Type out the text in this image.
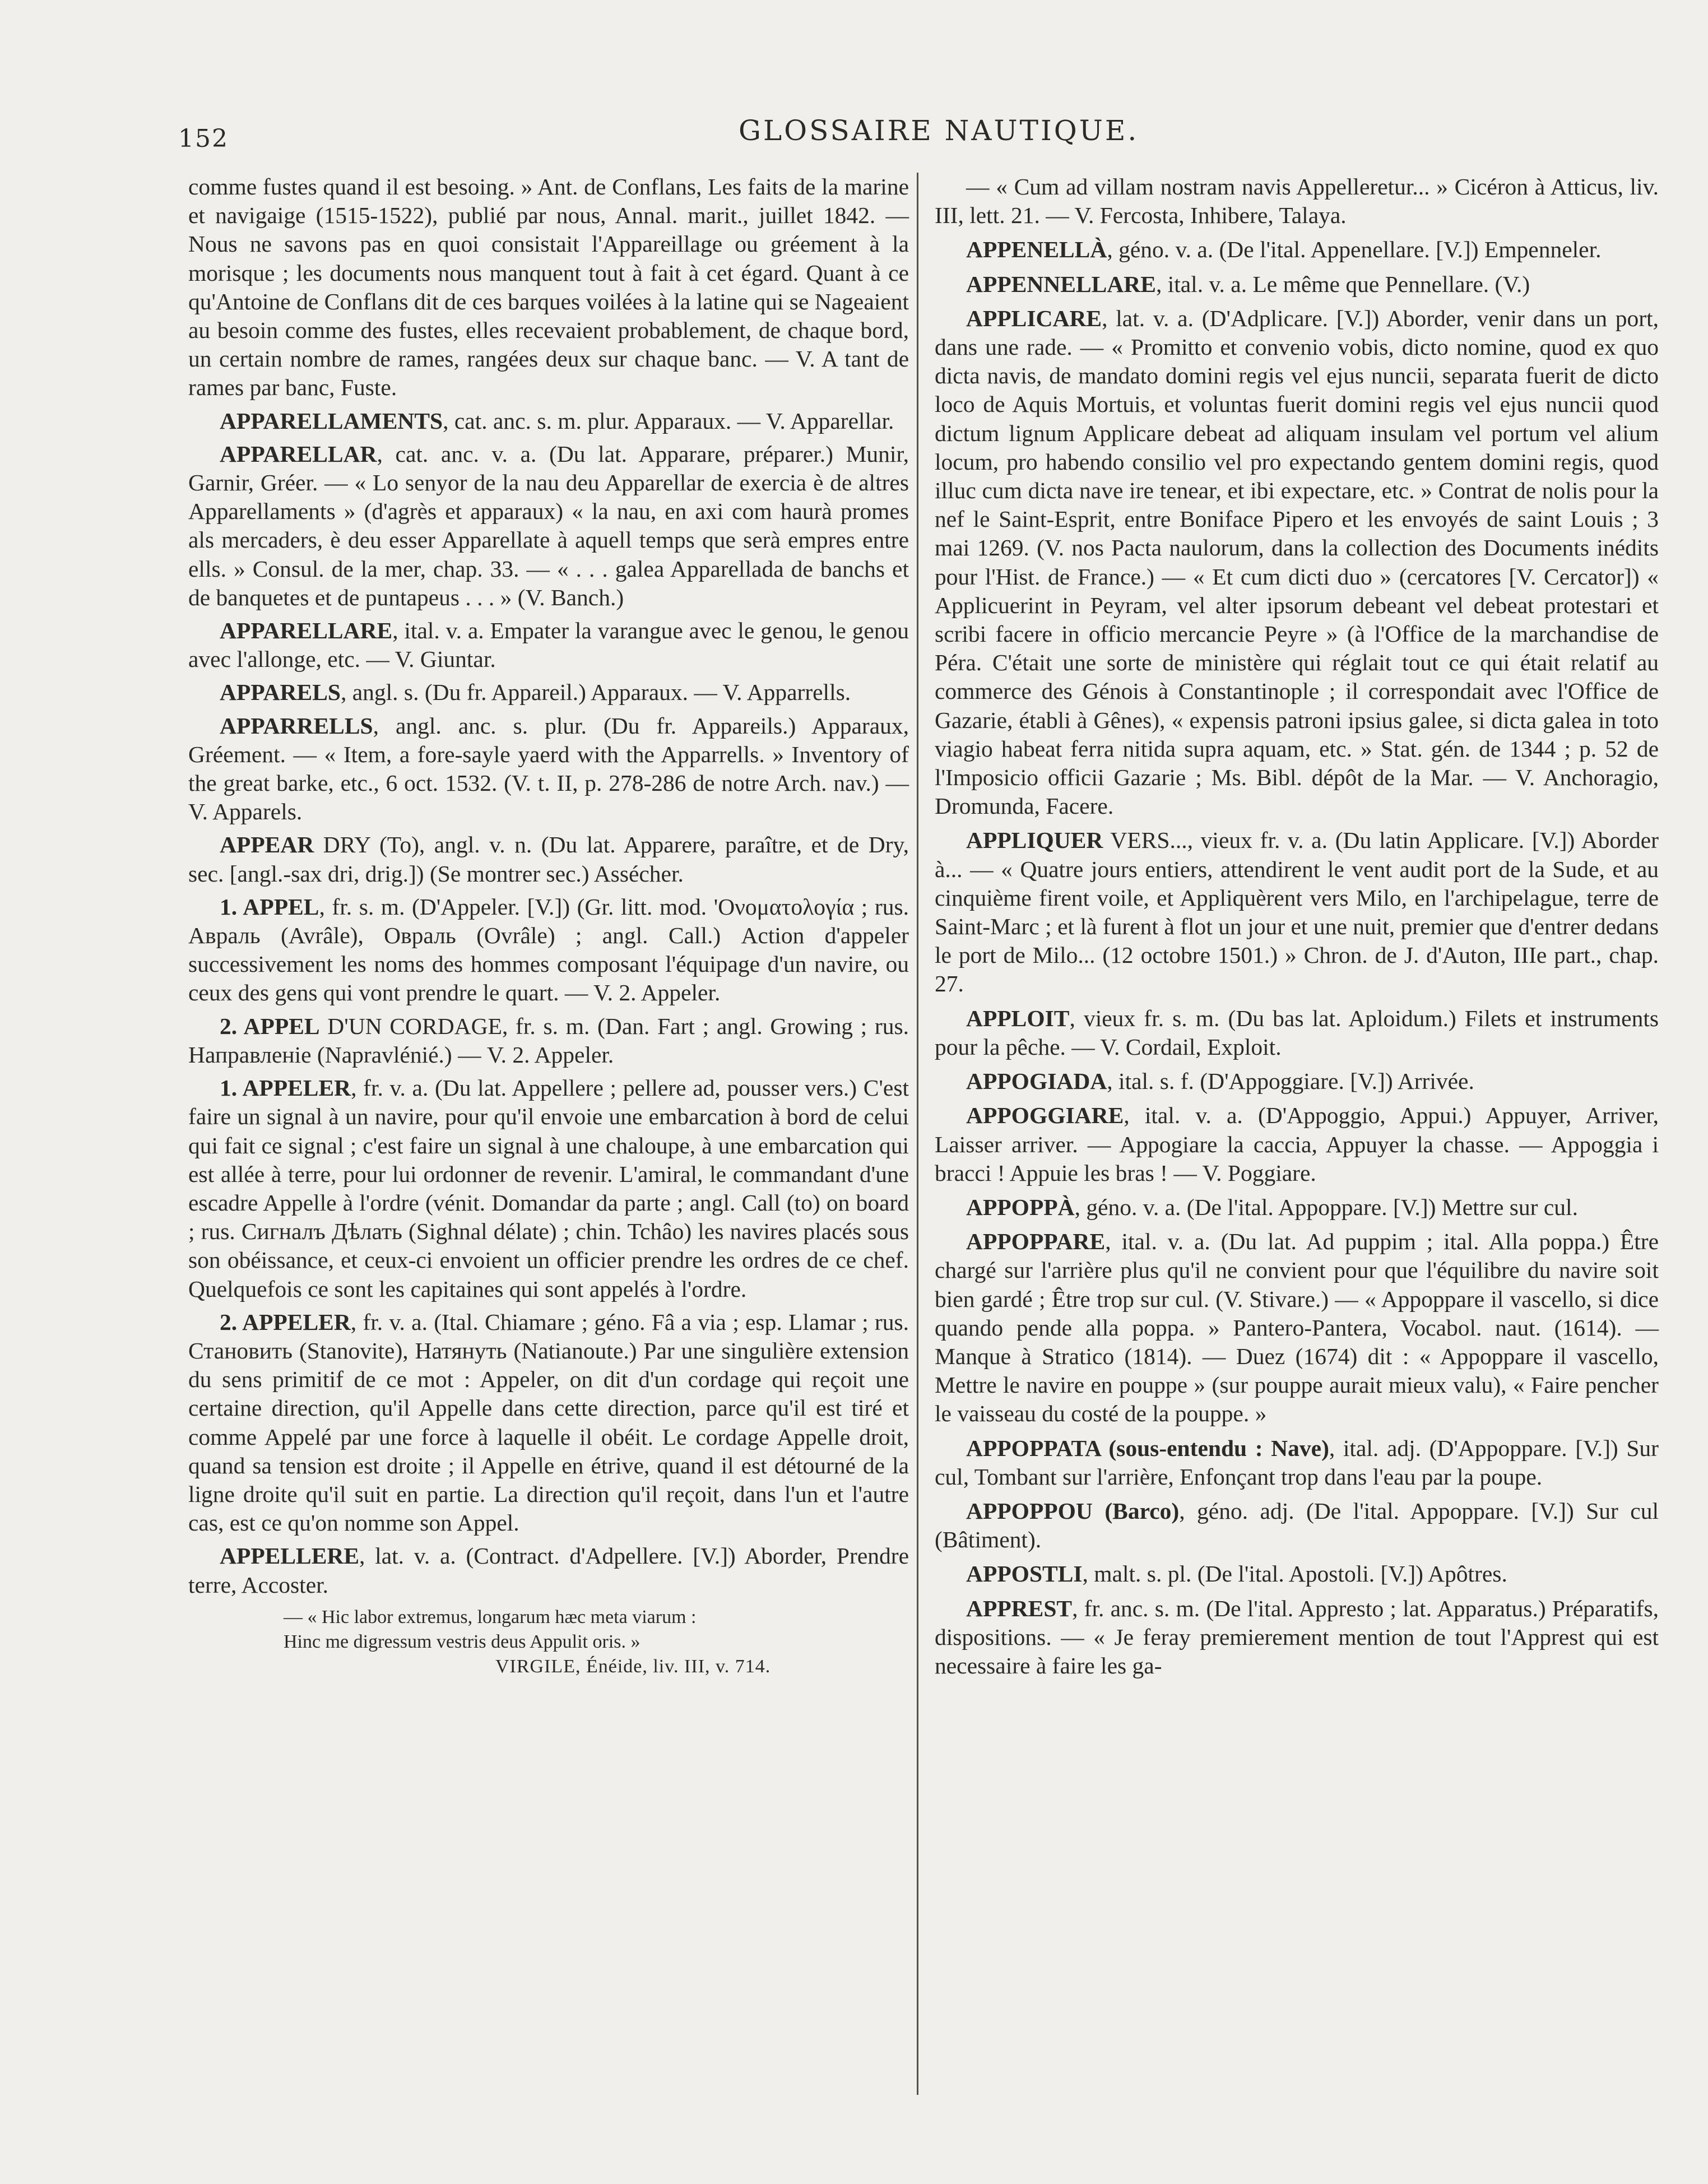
152	GLOSSAIRE NAUTIQUE.

comme fustes quand il est besoing. » Ant. de Conflans, Les faits de la marine et navigaige (1515-1522), publié par nous, Annal. marit., juillet 1842. — Nous ne savons pas en quoi consistait l'Appareillage ou gréement à la morisque ; les documents nous manquent tout à fait à cet égard. Quant à ce qu'Antoine de Conflans dit de ces barques voilées à la latine qui se Nageaient au besoin comme des fustes, elles recevaient probablement, de chaque bord, un certain nombre de rames, rangées deux sur chaque banc. — V. A tant de rames par banc, Fuste.

APPARELLAMENTS, cat. anc. s. m. plur. Apparaux. — V. Apparellar.

APPARELLAR, cat. anc. v. a. (Du lat. Apparare, préparer.) Munir, Garnir, Gréer. — « Lo senyor de la nau deu Apparellar de exercia è de altres Apparellaments » (d'agrès et apparaux) « la nau, en axi com haurà promes als mercaders, è deu esser Apparellate à aquell temps que serà empres entre ells. » Consul. de la mer, chap. 33. — « . . . galea Apparellada de banchs et de banquetes et de puntapeus . . . » (V. Banch.)

APPARELLARE, ital. v. a. Empater la varangue avec le genou, le genou avec l'allonge, etc. — V. Giuntar.

APPARELS, angl. s. (Du fr. Appareil.) Apparaux. — V. Apparrells.

APPARRELLS, angl. anc. s. plur. (Du fr. Appareils.) Apparaux, Gréement. — « Item, a fore-sayle yaerd with the Apparrells. » Inventory of the great barke, etc., 6 oct. 1532. (V. t. II, p. 278-286 de notre Arch. nav.) — V. Apparels.

APPEAR DRY (To), angl. v. n. (Du lat. Apparere, paraître, et de Dry, sec. [angl.-sax dri, drig.]) (Se montrer sec.) Assécher.

1. APPEL, fr. s. m. (D'Appeler. [V.]) (Gr. litt. mod. 'Ονοματολογία ; rus. Авраль (Avrâle), Овраль (Ovrâle) ; angl. Call.) Action d'appeler successivement les noms des hommes composant l'équipage d'un navire, ou ceux des gens qui vont prendre le quart. — V. 2. Appeler.

2. APPEL D'UN CORDAGE, fr. s. m. (Dan. Fart ; angl. Growing ; rus. Направленіе (Napravlénié.) — V. 2. Appeler.

1. APPELER, fr. v. a. (Du lat. Appellere ; pellere ad, pousser vers.) C'est faire un signal à un navire, pour qu'il envoie une embarcation à bord de celui qui fait ce signal ; c'est faire un signal à une chaloupe, à une embarcation qui est allée à terre, pour lui ordonner de revenir. L'amiral, le commandant d'une escadre Appelle à l'ordre (vénit. Domandar da parte ; angl. Call (to) on board ; rus. Сигналъ Дѣлать (Sighnal délate) ; chin. Tchâo) les navires placés sous son obéissance, et ceux-ci envoient un officier prendre les ordres de ce chef. Quelquefois ce sont les capitaines qui sont appelés à l'ordre.

2. APPELER, fr. v. a. (Ital. Chiamare ; géno. Fâ a via ; esp. Llamar ; rus. Становить (Stanovite), Натянуть (Natianoute.) Par une singulière extension du sens primitif de ce mot : Appeler, on dit d'un cordage qui reçoit une certaine direction, qu'il Appelle dans cette direction, parce qu'il est tiré et comme Appelé par une force à laquelle il obéit. Le cordage Appelle droit, quand sa tension est droite ; il Appelle en étrive, quand il est détourné de la ligne droite qu'il suit en partie. La direction qu'il reçoit, dans l'un et l'autre cas, est ce qu'on nomme son Appel.

APPELLERE, lat. v. a. (Contract. d'Adpellere. [V.]) Aborder, Prendre terre, Accoster.

— « Hic labor extremus, longarum hæc meta viarum :
Hinc me digressum vestris deus Appulit oris. »
VIRGILE, Énéide, liv. III, v. 714.

— « Cum ad villam nostram navis Appelleretur... » Cicéron à Atticus, liv. III, lett. 21. — V. Fercosta, Inhibere, Talaya.

APPENELLÀ, géno. v. a. (De l'ital. Appenellare. [V.]) Empenneler.

APPENNELLARE, ital. v. a. Le même que Pennellare. (V.)

APPLICARE, lat. v. a. (D'Adplicare. [V.]) Aborder, venir dans un port, dans une rade. — « Promitto et convenio vobis, dicto nomine, quod ex quo dicta navis, de mandato domini regis vel ejus nuncii, separata fuerit de dicto loco de Aquis Mortuis, et voluntas fuerit domini regis vel ejus nuncii quod dictum lignum Applicare debeat ad aliquam insulam vel portum vel alium locum, pro habendo consilio vel pro expectando gentem domini regis, quod illuc cum dicta nave ire tenear, et ibi expectare, etc. » Contrat de nolis pour la nef le Saint-Esprit, entre Boniface Pipero et les envoyés de saint Louis ; 3 mai 1269. (V. nos Pacta naulorum, dans la collection des Documents inédits pour l'Hist. de France.) — « Et cum dicti duo » (cercatores [V. Cercator]) « Applicuerint in Peyram, vel alter ipsorum debeant vel debeat protestari et scribi facere in officio mercancie Peyre » (à l'Office de la marchandise de Péra. C'était une sorte de ministère qui réglait tout ce qui était relatif au commerce des Génois à Constantinople ; il correspondait avec l'Office de Gazarie, établi à Gênes), « expensis patroni ipsius galee, si dicta galea in toto viagio habeat ferra nitida supra aquam, etc. » Stat. gén. de 1344 ; p. 52 de l'Imposicio officii Gazarie ; Ms. Bibl. dépôt de la Mar. — V. Anchoragio, Dromunda, Facere.

APPLIQUER VERS..., vieux fr. v. a. (Du latin Applicare. [V.]) Aborder à... — « Quatre jours entiers, attendirent le vent audit port de la Sude, et au cinquième firent voile, et Appliquèrent vers Milo, en l'archipelague, terre de Saint-Marc ; et là furent à flot un jour et une nuit, premier que d'entrer dedans le port de Milo... (12 octobre 1501.) » Chron. de J. d'Auton, IIIe part., chap. 27.

APPLOIT, vieux fr. s. m. (Du bas lat. Aploidum.) Filets et instruments pour la pêche. — V. Cordail, Exploit.

APPOGIADA, ital. s. f. (D'Appoggiare. [V.]) Arrivée.

APPOGGIARE, ital. v. a. (D'Appoggio, Appui.) Appuyer, Arriver, Laisser arriver. — Appogiare la caccia, Appuyer la chasse. — Appoggia i bracci ! Appuie les bras ! — V. Poggiare.

APPOPPÀ, géno. v. a. (De l'ital. Appoppare. [V.]) Mettre sur cul.

APPOPPARE, ital. v. a. (Du lat. Ad puppim ; ital. Alla poppa.) Être chargé sur l'arrière plus qu'il ne convient pour que l'équilibre du navire soit bien gardé ; Être trop sur cul. (V. Stivare.) — « Appoppare il vascello, si dice quando pende alla poppa. » Pantero-Pantera, Vocabol. naut. (1614). — Manque à Stratico (1814). — Duez (1674) dit : « Appoppare il vascello, Mettre le navire en pouppe » (sur pouppe aurait mieux valu), « Faire pencher le vaisseau du costé de la pouppe. »

APPOPPATA (sous-entendu : Nave), ital. adj. (D'Appoppare. [V.]) Sur cul, Tombant sur l'arrière, Enfonçant trop dans l'eau par la poupe.

APPOPPOU (Barco), géno. adj. (De l'ital. Appoppare. [V.]) Sur cul (Bâtiment).

APPOSTLI, malt. s. pl. (De l'ital. Apostoli. [V.]) Apôtres.

APPREST, fr. anc. s. m. (De l'ital. Appresto ; lat. Apparatus.) Préparatifs, dispositions. — « Je feray premierement mention de tout l'Apprest qui est necessaire à faire les ga-
